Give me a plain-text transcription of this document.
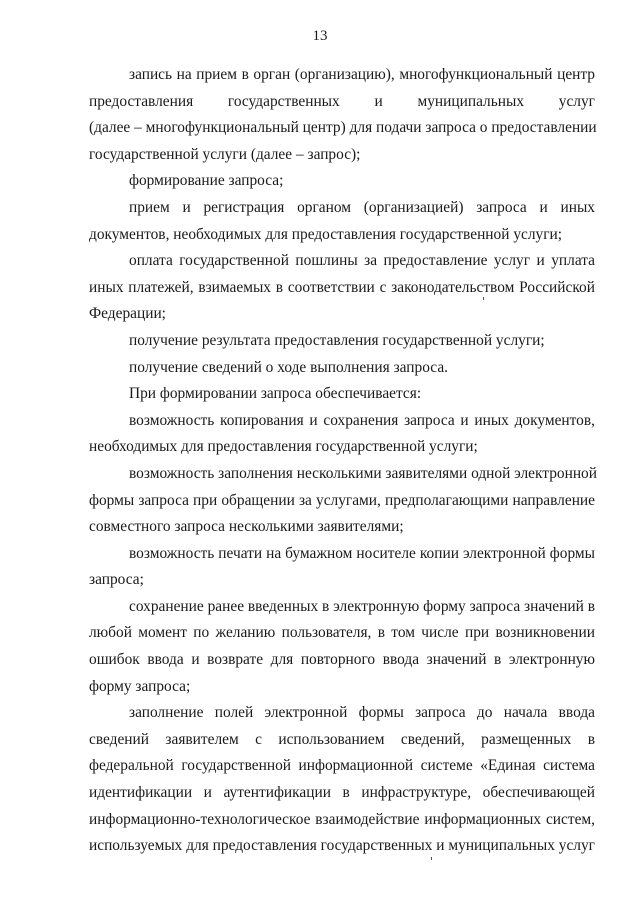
13
запись на прием в орган (организацию), многофункциональный центр
предоставления государственных и муниципальных услуг
(далее – многофункциональный центр) для подачи запроса о предоставлении
государственной услуги (далее – запрос);
формирование запроса;
прием и регистрация органом (организацией) запроса и иных
документов, необходимых для предоставления государственной услуги;
оплата государственной пошлины за предоставление услуг и уплата
иных платежей, взимаемых в соответствии с законодательством Российской
Федерации;
получение результата предоставления государственной услуги;
получение сведений о ходе выполнения запроса.
При формировании запроса обеспечивается:
возможность копирования и сохранения запроса и иных документов,
необходимых для предоставления государственной услуги;
возможность заполнения несколькими заявителями одной электронной
формы запроса при обращении за услугами, предполагающими направление
совместного запроса несколькими заявителями;
возможность печати на бумажном носителе копии электронной формы
запроса;
сохранение ранее введенных в электронную форму запроса значений в
любой момент по желанию пользователя, в том числе при возникновении
ошибок ввода и возврате для повторного ввода значений в электронную
форму запроса;
заполнение полей электронной формы запроса до начала ввода
сведений заявителем с использованием сведений, размещенных в
федеральной государственной информационной системе «Единая система
идентификации и аутентификации в инфраструктуре, обеспечивающей
информационно-технологическое взаимодействие информационных систем,
используемых для предоставления государственных и муниципальных услуг
